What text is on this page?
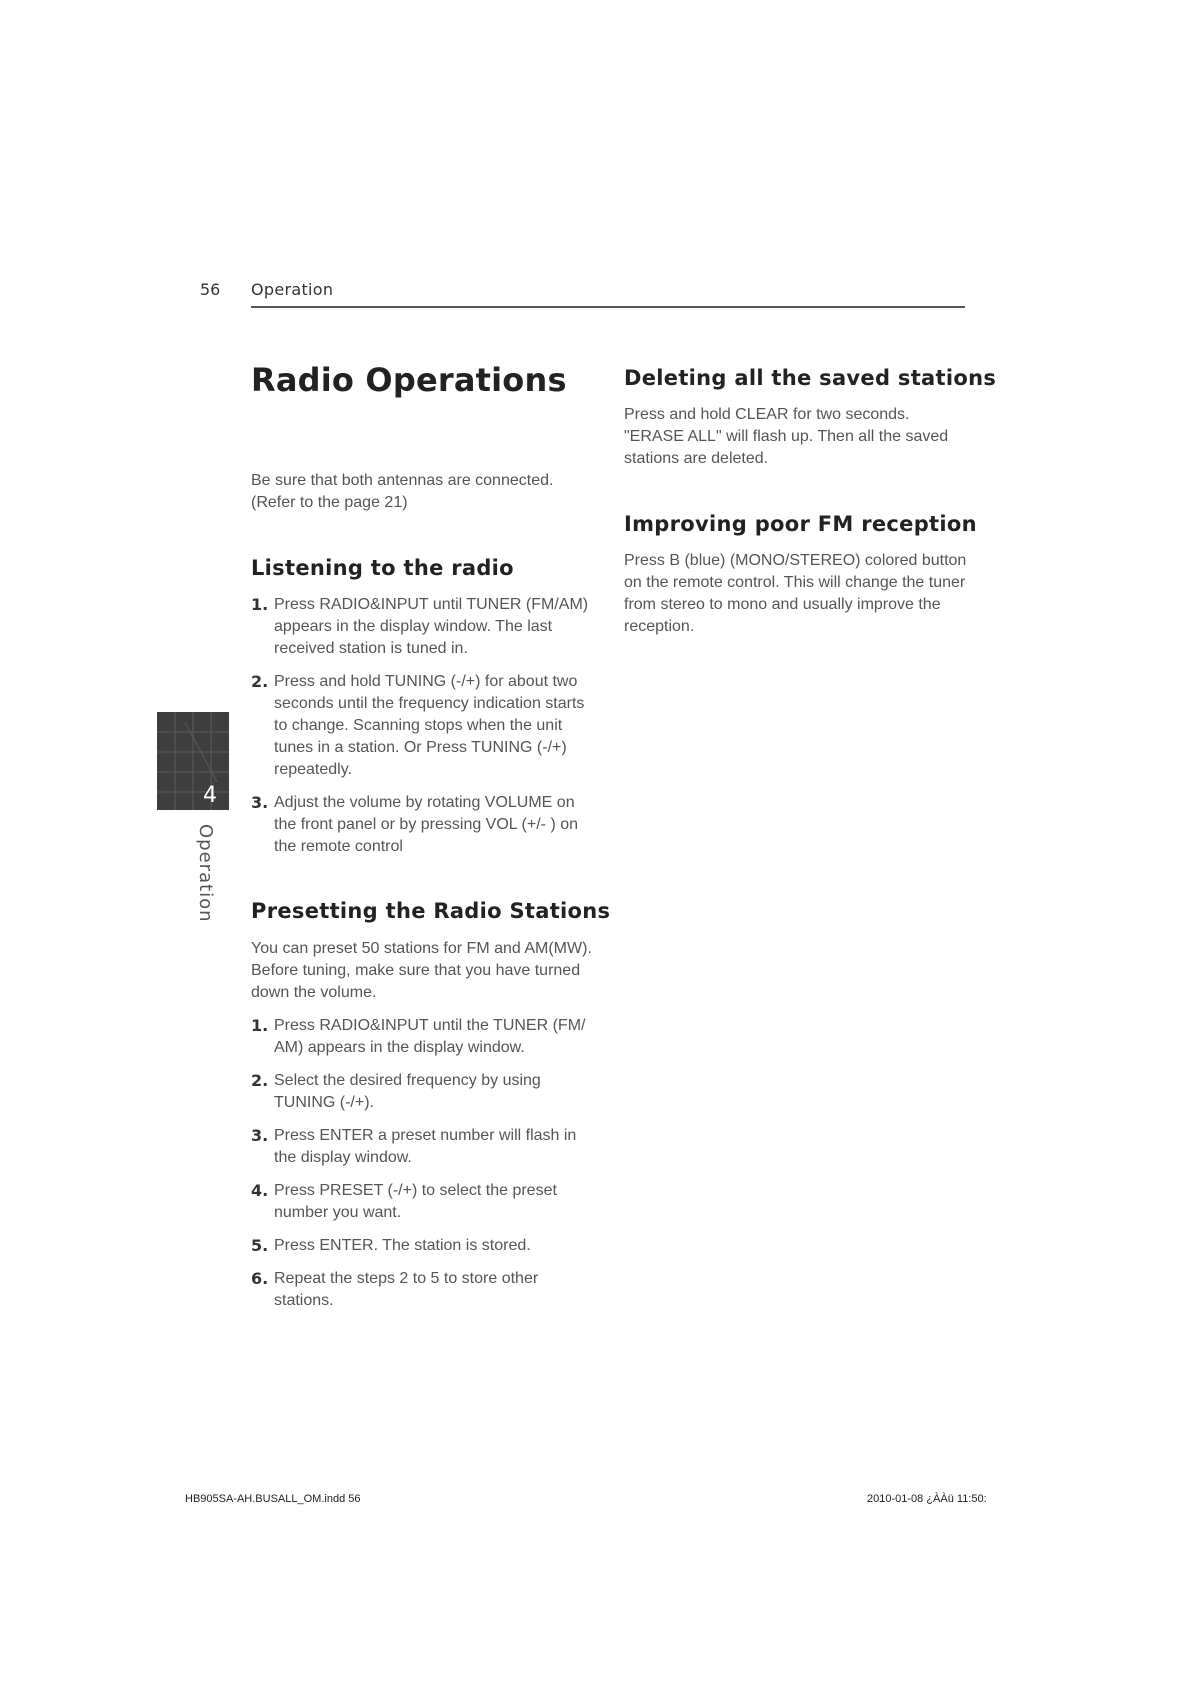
56 Operation
Radio Operations
Be sure that both antennas are connected.
(Refer to the page 21)
Listening to the radio
1. Press RADIO&INPUT until TUNER (FM/AM) appears in the display window. The last received station is tuned in.
2. Press and hold TUNING (-/+) for about two seconds until the frequency indication starts to change. Scanning stops when the unit tunes in a station. Or Press TUNING (-/+) repeatedly.
3. Adjust the volume by rotating VOLUME on the front panel or by pressing VOL (+/- ) on the remote control
Presetting the Radio Stations

You can preset 50 stations for FM and AM(MW). Before tuning, make sure that you have turned down the volume.

1. Press RADIO&INPUT until the TUNER (FM/ AM) appears in the display window.
2. Select the desired frequency by using TUNING (-/+).
3. Press ENTER a preset number will flash in the display window.
4. Press PRESET (-/+) to select the preset number you want.
5. Press ENTER. The station is stored.
6. Repeat the steps 2 to 5 to store other stations.
Deleting all the saved stations

Press and hold CLEAR for two seconds. "ERASE ALL" will flash up. Then all the saved stations are deleted.

Improving poor FM reception

Press B (blue) (MONO/STEREO) colored button on the remote control. This will change the tuner from stereo to mono and usually improve the reception.

4
Operation
HB905SA-AH.BUSALL_OM.indd 56	2010-01-08 ¿ÀÀü 11:50:
